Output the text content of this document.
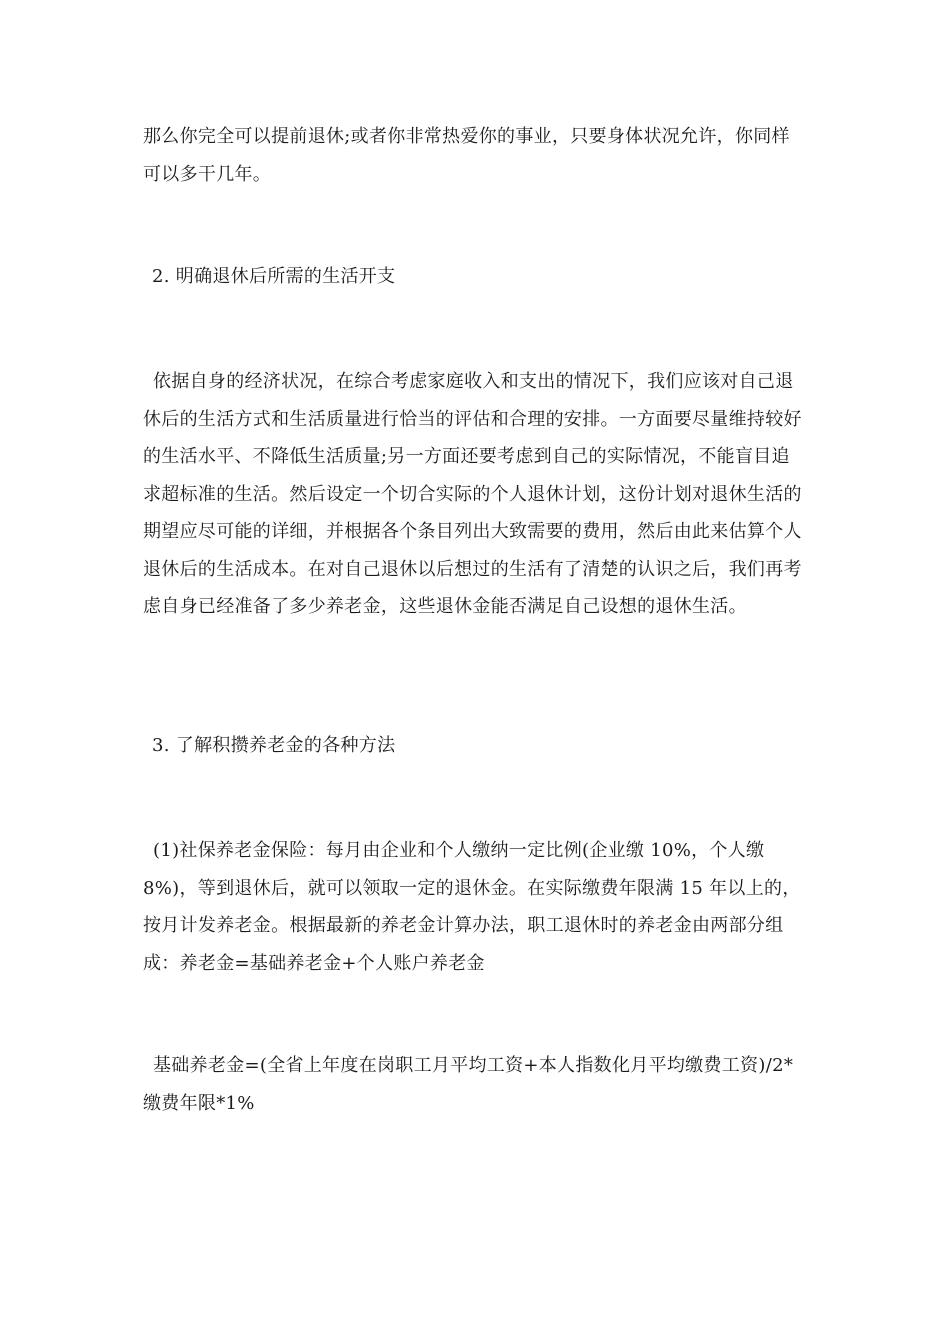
那么你完全可以提前退休;或者你非常热爱你的事业，只要身体状况允许，你同样可以多干几年。

2. 明确退休后所需的生活开支

依据自身的经济状况，在综合考虑家庭收入和支出的情况下，我们应该对自己退休后的生活方式和生活质量进行恰当的评估和合理的安排。一方面要尽量维持较好的生活水平、不降低生活质量;另一方面还要考虑到自己的实际情况，不能盲目追求超标准的生活。然后设定一个切合实际的个人退休计划，这份计划对退休生活的期望应尽可能的详细，并根据各个条目列出大致需要的费用，然后由此来估算个人退休后的生活成本。在对自己退休以后想过的生活有了清楚的认识之后，我们再考虑自身已经准备了多少养老金，这些退休金能否满足自己设想的退休生活。

3. 了解积攒养老金的各种方法

(1)社保养老金保险：每月由企业和个人缴纳一定比例(企业缴 10%，个人缴8%)，等到退休后，就可以领取一定的退休金。在实际缴费年限满 15 年以上的，按月计发养老金。根据最新的养老金计算办法，职工退休时的养老金由两部分组成：养老金=基础养老金+个人账户养老金

基础养老金=(全省上年度在岗职工月平均工资+本人指数化月平均缴费工资)/2*缴费年限*1%
